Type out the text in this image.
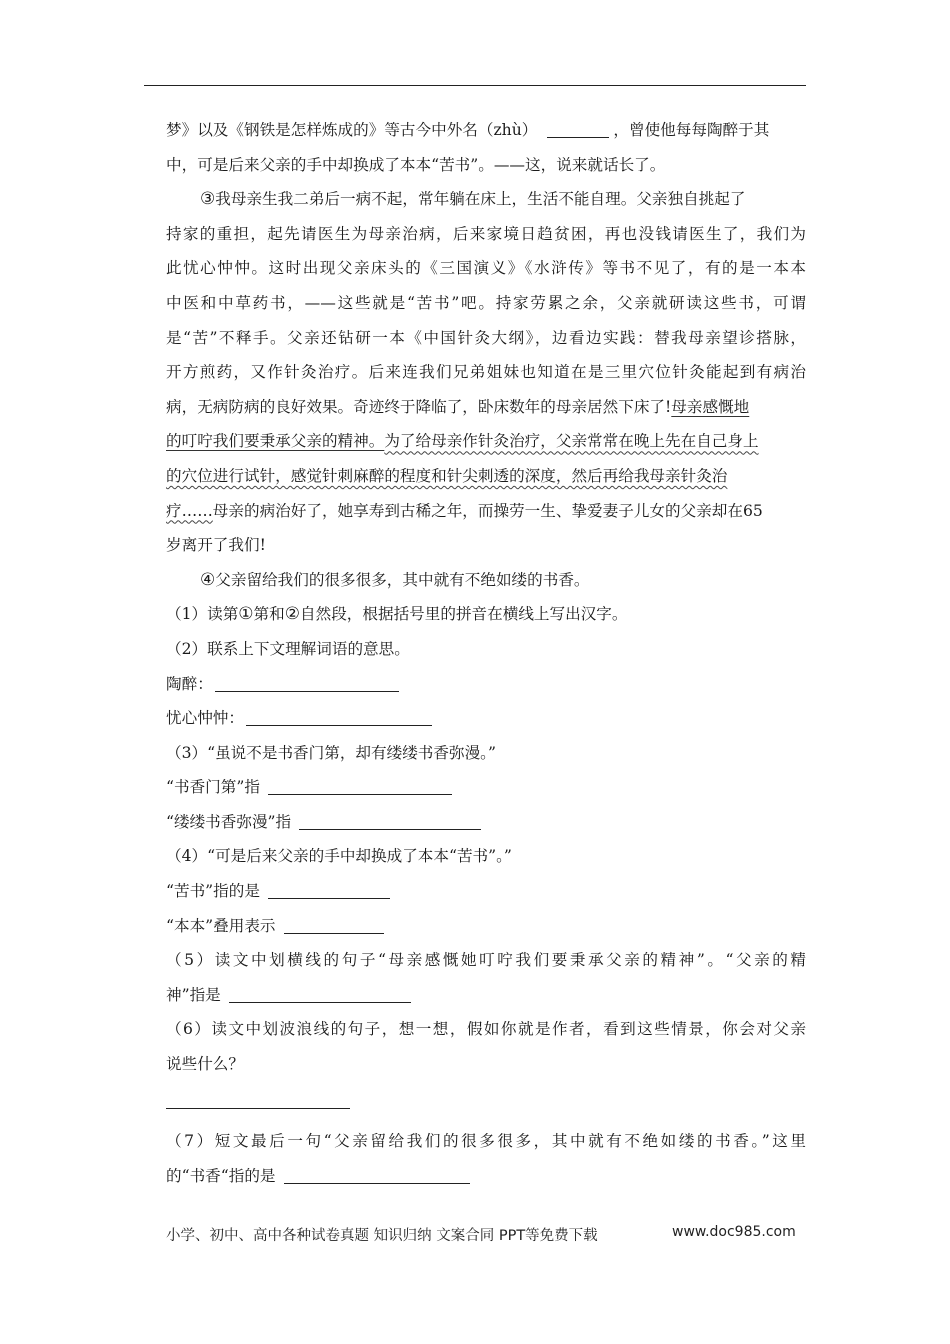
梦》以及《钢铁是怎样炼成的》等古今中外名（zhù）	，曾使他每每陶醉于其
中，可是后来父亲的手中却换成了本本“苦书”。——这，说来就话长了。
③我母亲生我二弟后一病不起，常年躺在床上，生活不能自理。父亲独自挑起了
持家的重担，起先请医生为母亲治病，后来家境日趋贫困，再也没钱请医生了，我们为
此忧心忡忡。这时出现父亲床头的《三国演义》《水浒传》等书不见了，有的是一本本
中医和中草药书，——这些就是“苦书”吧。持家劳累之余，父亲就研读这些书，可谓
是“苦”不释手。父亲还钻研一本《中国针灸大纲》，边看边实践：替我母亲望诊搭脉，
开方煎药，又作针灸治疗。后来连我们兄弟姐妹也知道在是三里穴位针灸能起到有病治
病，无病防病的良好效果。奇迹终于降临了，卧床数年的母亲居然下床了!母亲感慨地
的叮咛我们要秉承父亲的精神。为了给母亲作针灸治疗，父亲常常在晚上先在自己身上
的穴位进行试针，感觉针刺麻醉的程度和针尖刺透的深度，然后再给我母亲针灸治
疗……母亲的病治好了，她享寿到古稀之年，而操劳一生、挚爱妻子儿女的父亲却在65
岁离开了我们!
④父亲留给我们的很多很多，其中就有不绝如缕的书香。
（1）读第①第和②自然段，根据括号里的拼音在横线上写出汉字。
（2）联系上下文理解词语的意思。
陶醉：
忧心忡忡：
（3）“虽说不是书香门第，却有缕缕书香弥漫。”
“书香门第”指
“缕缕书香弥漫”指
（4）“可是后来父亲的手中却换成了本本“苦书”。”
“苦书”指的是
“本本”叠用表示
（5）读文中划横线的句子“母亲感慨她叮咛我们要秉承父亲的精神”。“父亲的精
神”指是
（6）读文中划波浪线的句子，想一想，假如你就是作者，看到这些情景，你会对父亲
说些什么？
（7）短文最后一句“父亲留给我们的很多很多，其中就有不绝如缕的书香。”这里
的“书香“指的是
小学、初中、高中各种试卷真题 知识归纳 文案合同 PPT等免费下载	www.doc985.com
